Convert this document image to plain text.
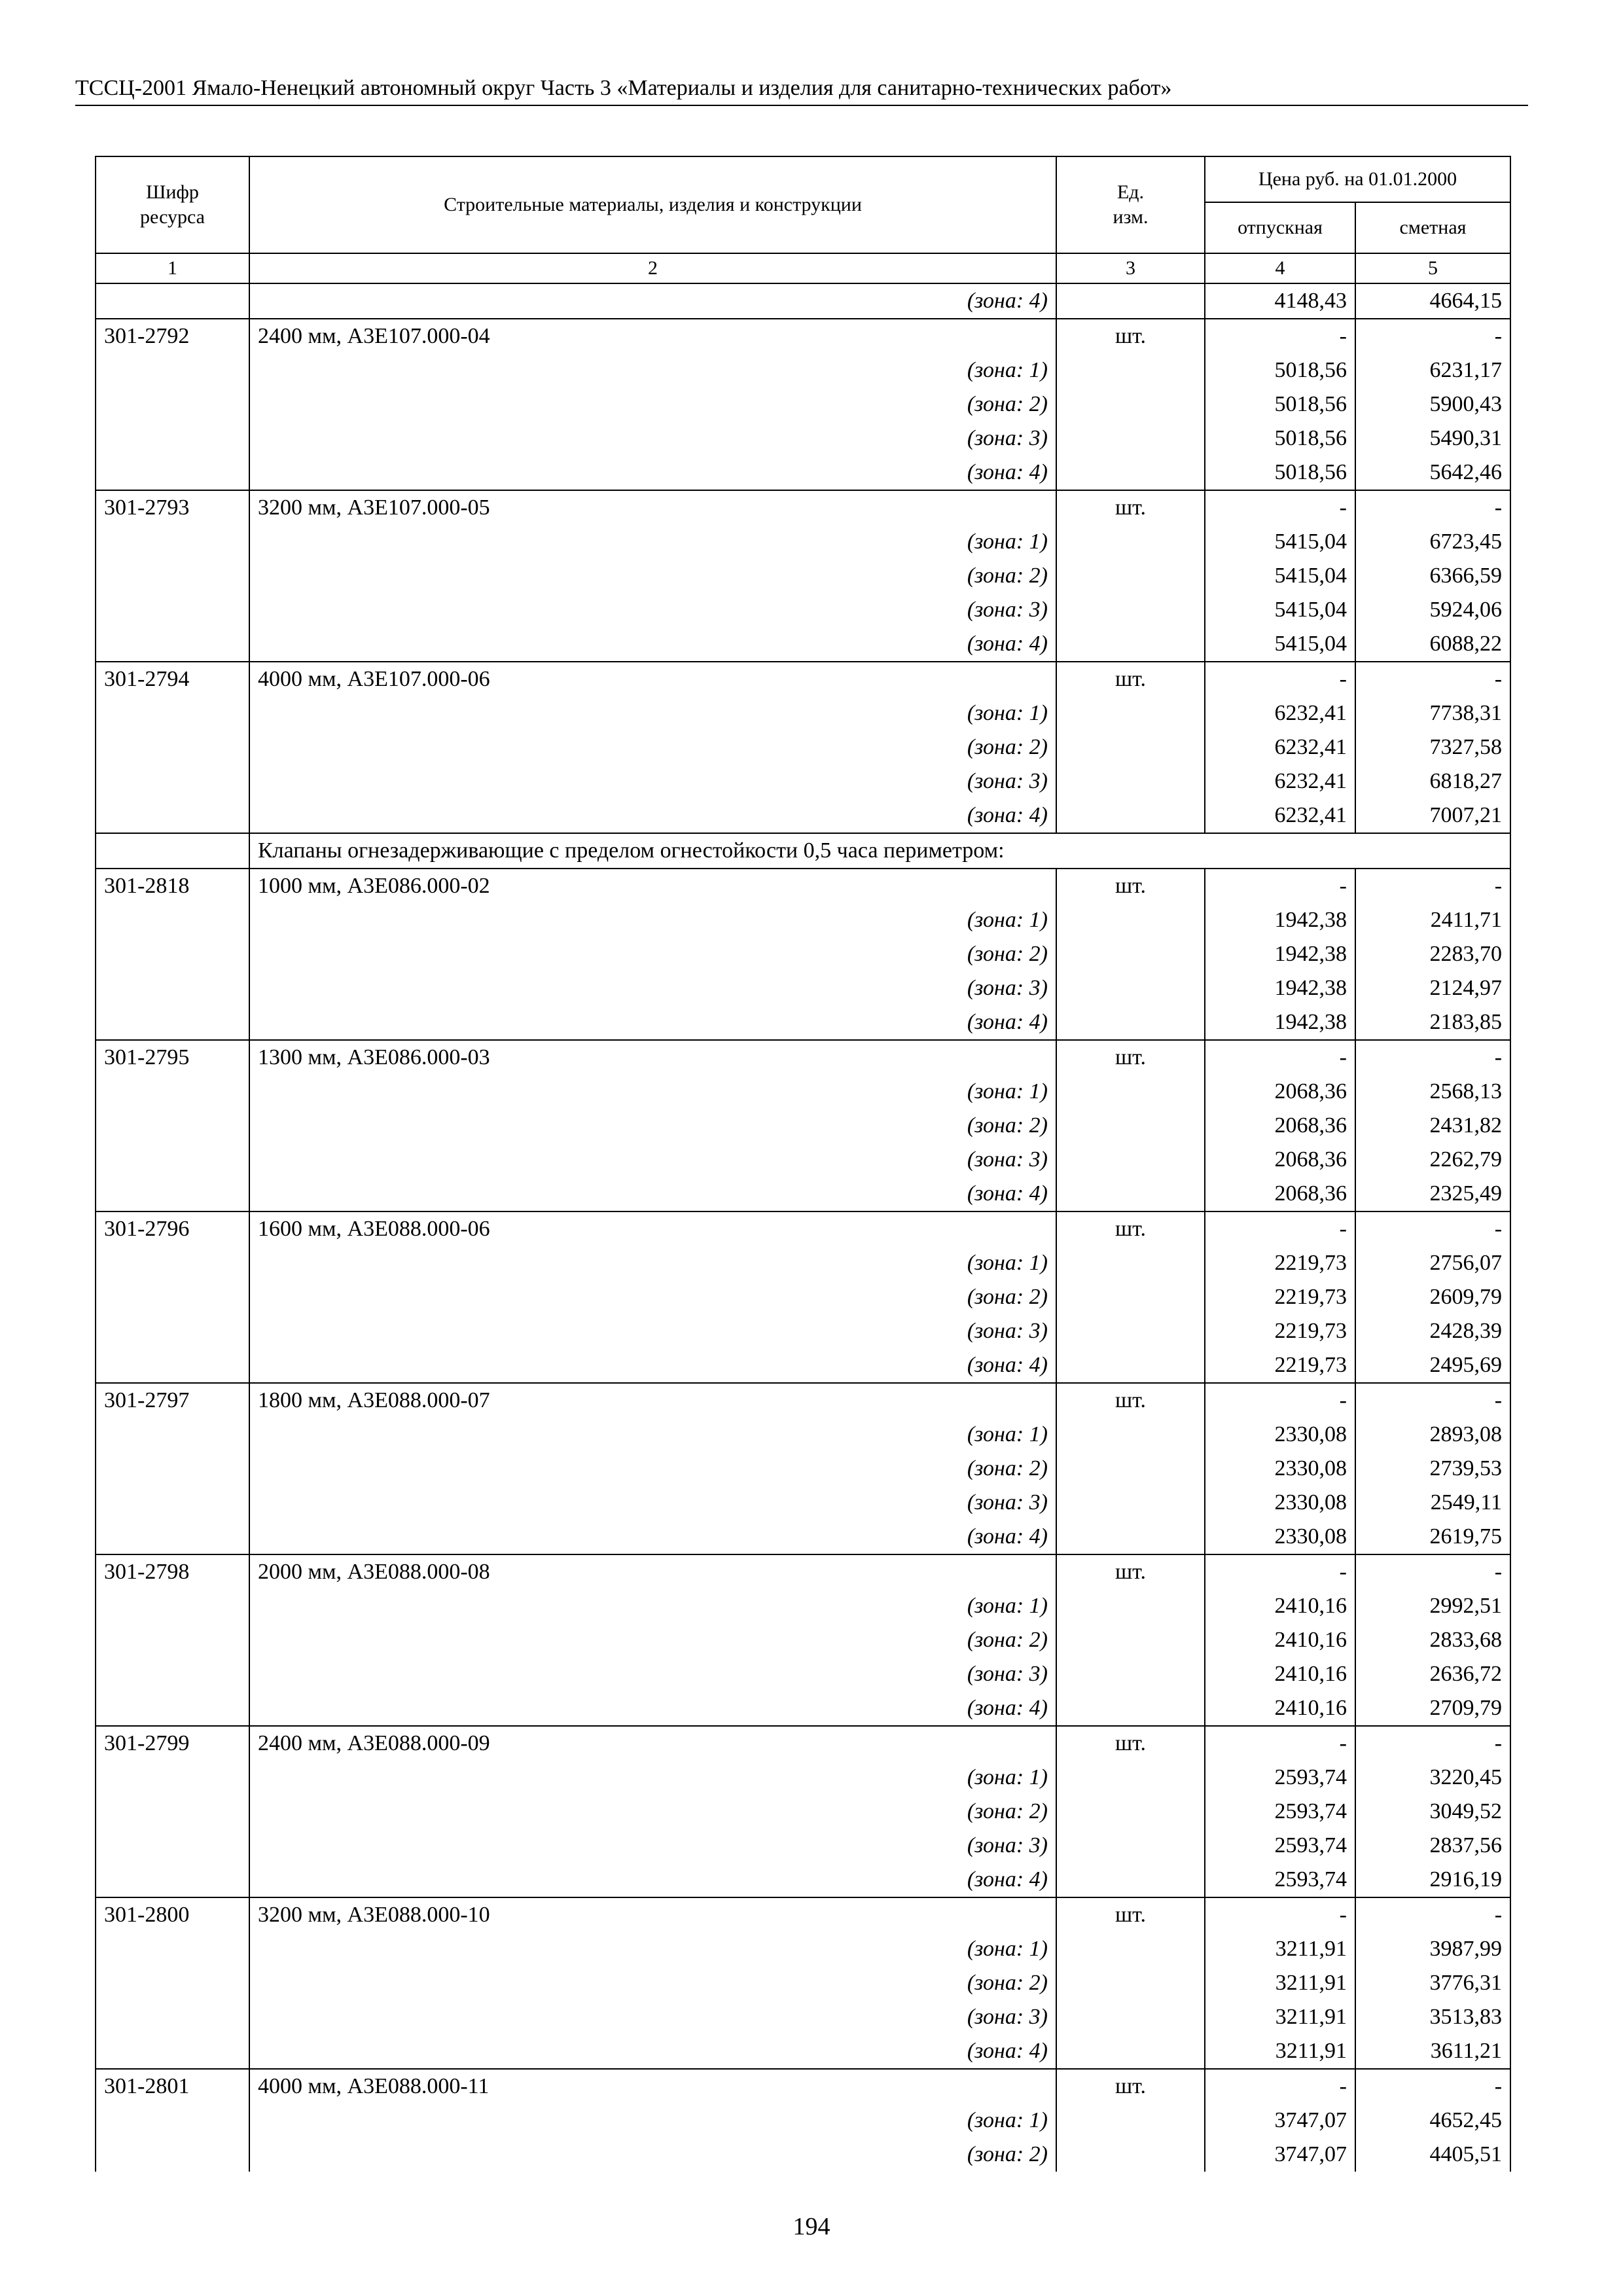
ТССЦ-2001 Ямало-Ненецкий автономный округ Часть 3 «Материалы и изделия для санитарно-технических работ»
Шифр ресурса	Строительные материалы, изделия и конструкции	Ед. изм.	Цена руб. на 01.01.2000	
			отпускная	сметная
1	2	3	4	5
	(зона: 4)		4148,43	4664,15
301-2792	2400 мм, А3Е107.000-04	шт.	-	-
	(зона: 1)		5018,56	6231,17
	(зона: 2)		5018,56	5900,43
	(зона: 3)		5018,56	5490,31
	(зона: 4)		5018,56	5642,46
301-2793	3200 мм, А3Е107.000-05	шт.	-	-
	(зона: 1)		5415,04	6723,45
	(зона: 2)		5415,04	6366,59
	(зона: 3)		5415,04	5924,06
	(зона: 4)		5415,04	6088,22
301-2794	4000 мм, А3Е107.000-06	шт.	-	-
	(зона: 1)		6232,41	7738,31
	(зона: 2)		6232,41	7327,58
	(зона: 3)		6232,41	6818,27
	(зона: 4)		6232,41	7007,21
	Клапаны огнезадерживающие с пределом огнестойкости 0,5 часа периметром:			
301-2818	1000 мм, А3Е086.000-02	шт.	-	-
	(зона: 1)		1942,38	2411,71
	(зона: 2)		1942,38	2283,70
	(зона: 3)		1942,38	2124,97
	(зона: 4)		1942,38	2183,85
301-2795	1300 мм, А3Е086.000-03	шт.	-	-
	(зона: 1)		2068,36	2568,13
	(зона: 2)		2068,36	2431,82
	(зона: 3)		2068,36	2262,79
	(зона: 4)		2068,36	2325,49
301-2796	1600 мм, А3Е088.000-06	шт.	-	-
	(зона: 1)		2219,73	2756,07
	(зона: 2)		2219,73	2609,79
	(зона: 3)		2219,73	2428,39
	(зона: 4)		2219,73	2495,69
301-2797	1800 мм, А3Е088.000-07	шт.	-	-
	(зона: 1)		2330,08	2893,08
	(зона: 2)		2330,08	2739,53
	(зона: 3)		2330,08	2549,11
	(зона: 4)		2330,08	2619,75
301-2798	2000 мм, А3Е088.000-08	шт.	-	-
	(зона: 1)		2410,16	2992,51
	(зона: 2)		2410,16	2833,68
	(зона: 3)		2410,16	2636,72
	(зона: 4)		2410,16	2709,79
301-2799	2400 мм, А3Е088.000-09	шт.	-	-
	(зона: 1)		2593,74	3220,45
	(зона: 2)		2593,74	3049,52
	(зона: 3)		2593,74	2837,56
	(зона: 4)		2593,74	2916,19
301-2800	3200 мм, А3Е088.000-10	шт.	-	-
	(зона: 1)		3211,91	3987,99
	(зона: 2)		3211,91	3776,31
	(зона: 3)		3211,91	3513,83
	(зона: 4)		3211,91	3611,21
301-2801	4000 мм, А3Е088.000-11	шт.	-	-
	(зона: 1)		3747,07	4652,45
	(зона: 2)		3747,07	4405,51
194
